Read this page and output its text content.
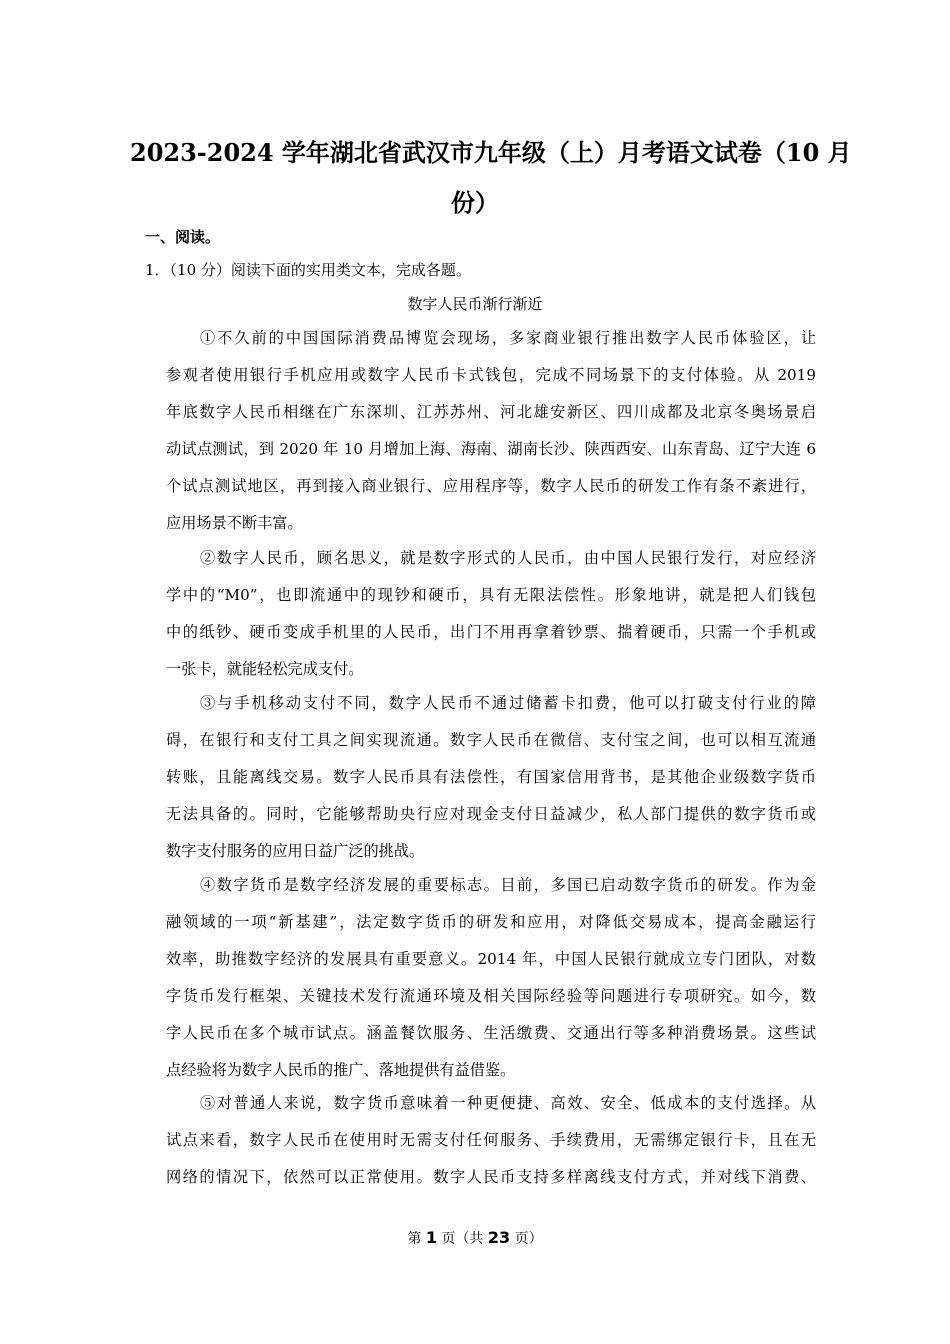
2023-2024 学年湖北省武汉市九年级（上）月考语文试卷（10 月
份）
一、阅读。
1．（10 分）阅读下面的实用类文本，完成各题。
数字人民币渐行渐近
①不久前的中国国际消费品博览会现场，多家商业银行推出数字人民币体验区，让
参观者使用银行手机应用或数字人民币卡式钱包，完成不同场景下的支付体验。从 2019
年底数字人民币相继在广东深圳、江苏苏州、河北雄安新区、四川成都及北京冬奥场景启
动试点测试，到 2020 年 10 月增加上海、海南、湖南长沙、陕西西安、山东青岛、辽宁大连 6
个试点测试地区，再到接入商业银行、应用程序等，数字人民币的研发工作有条不紊进行，
应用场景不断丰富。
②数字人民币，顾名思义，就是数字形式的人民币，由中国人民银行发行，对应经济
学中的“M0”，也即流通中的现钞和硬币，具有无限法偿性。形象地讲，就是把人们钱包
中的纸钞、硬币变成手机里的人民币，出门不用再拿着钞票、揣着硬币，只需一个手机或
一张卡，就能轻松完成支付。
③与手机移动支付不同，数字人民币不通过储蓄卡扣费，他可以打破支付行业的障
碍，在银行和支付工具之间实现流通。数字人民币在微信、支付宝之间，也可以相互流通
转账，且能离线交易。数字人民币具有法偿性，有国家信用背书，是其他企业级数字货币
无法具备的。同时，它能够帮助央行应对现金支付日益减少，私人部门提供的数字货币或
数字支付服务的应用日益广泛的挑战。
④数字货币是数字经济发展的重要标志。目前，多国已启动数字货币的研发。作为金
融领域的一项“新基建”，法定数字货币的研发和应用，对降低交易成本，提高金融运行
效率，助推数字经济的发展具有重要意义。2014 年，中国人民银行就成立专门团队，对数
字货币发行框架、关键技术发行流通环境及相关国际经验等问题进行专项研究。如今，数
字人民币在多个城市试点。涵盖餐饮服务、生活缴费、交通出行等多种消费场景。这些试
点经验将为数字人民币的推广、落地提供有益借鉴。
⑤对普通人来说，数字货币意味着一种更便捷、高效、安全、低成本的支付选择。从
试点来看，数字人民币在使用时无需支付任何服务、手续费用，无需绑定银行卡，且在无
网络的情况下，依然可以正常使用。数字人民币支持多样离线支付方式，并对线下消费、
第 1 页（共 23 页）
